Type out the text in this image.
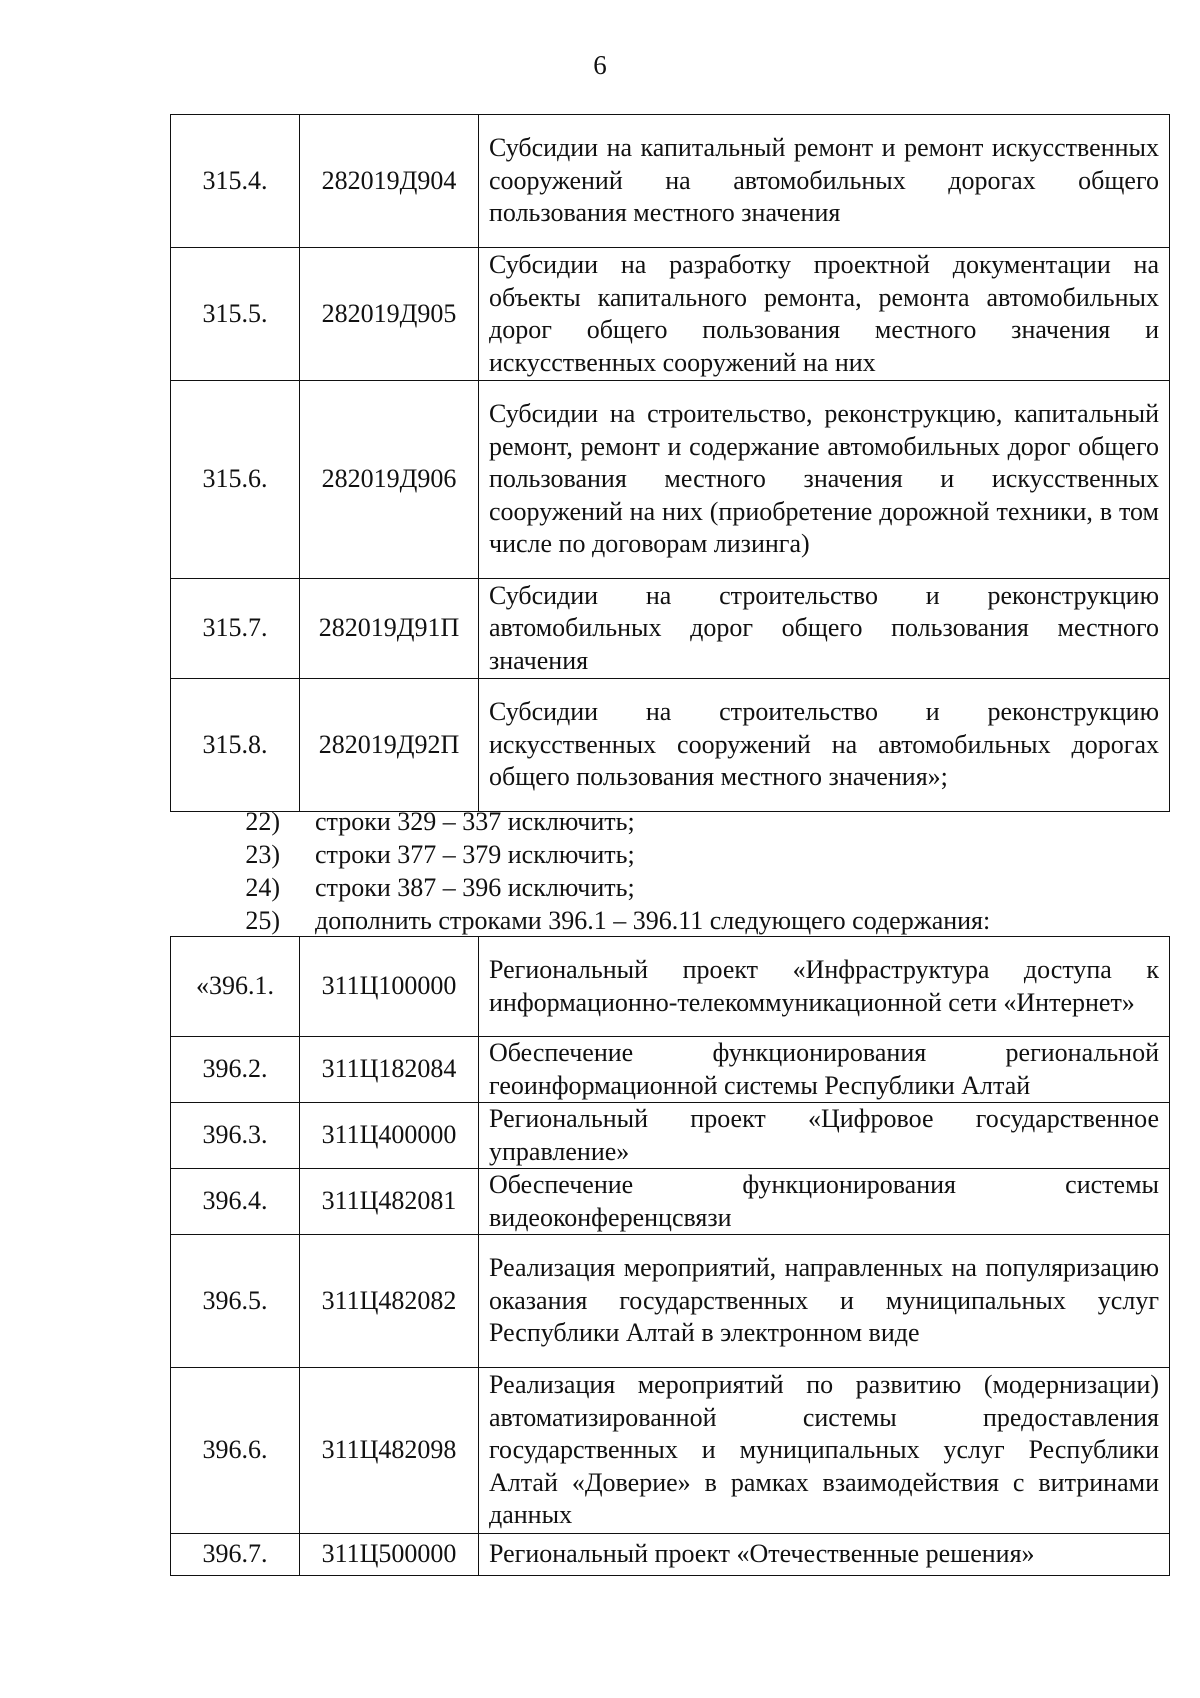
6
315.4.	282019Д904	Субсидии на капитальный ремонт и ремонт искусственных сооружений на автомобильных дорогах общего пользования местного значения
315.5.	282019Д905	Субсидии на разработку проектной документации на объекты капитального ремонта, ремонта автомобильных дорог общего пользования местного значения и искусственных сооружений на них
315.6.	282019Д906	Субсидии на строительство, реконструкцию, капитальный ремонт, ремонт и содержание автомобильных дорог общего пользования местного значения и искусственных сооружений на них (приобретение дорожной техники, в том числе по договорам лизинга)
315.7.	282019Д91П	Субсидии на строительство и реконструкцию автомобильных дорог общего пользования местного значения
315.8.	282019Д92П	Субсидии на строительство и реконструкцию искусственных сооружений на автомобильных дорогах общего пользования местного значения»;
22)	строки 329 – 337 исключить;
23)	строки 377 – 379 исключить;
24)	строки 387 – 396 исключить;
25)	дополнить строками 396.1 – 396.11 следующего содержания:
«396.1.	311Ц100000	Региональный проект «Инфраструктура доступа к информационно-телекоммуникационной сети «Интернет»
396.2.	311Ц182084	Обеспечение функционирования региональной геоинформационной системы Республики Алтай
396.3.	311Ц400000	Региональный проект «Цифровое государственное управление»
396.4.	311Ц482081	Обеспечение функционирования системы видеоконференцсвязи
396.5.	311Ц482082	Реализация мероприятий, направленных на популяризацию оказания государственных и муниципальных услуг Республики Алтай в электронном виде
396.6.	311Ц482098	Реализация мероприятий по развитию (модернизации) автоматизированной системы предоставления государственных и муниципальных услуг Республики Алтай «Доверие» в рамках взаимодействия с витринами данных
396.7.	311Ц500000	Региональный проект «Отечественные решения»
